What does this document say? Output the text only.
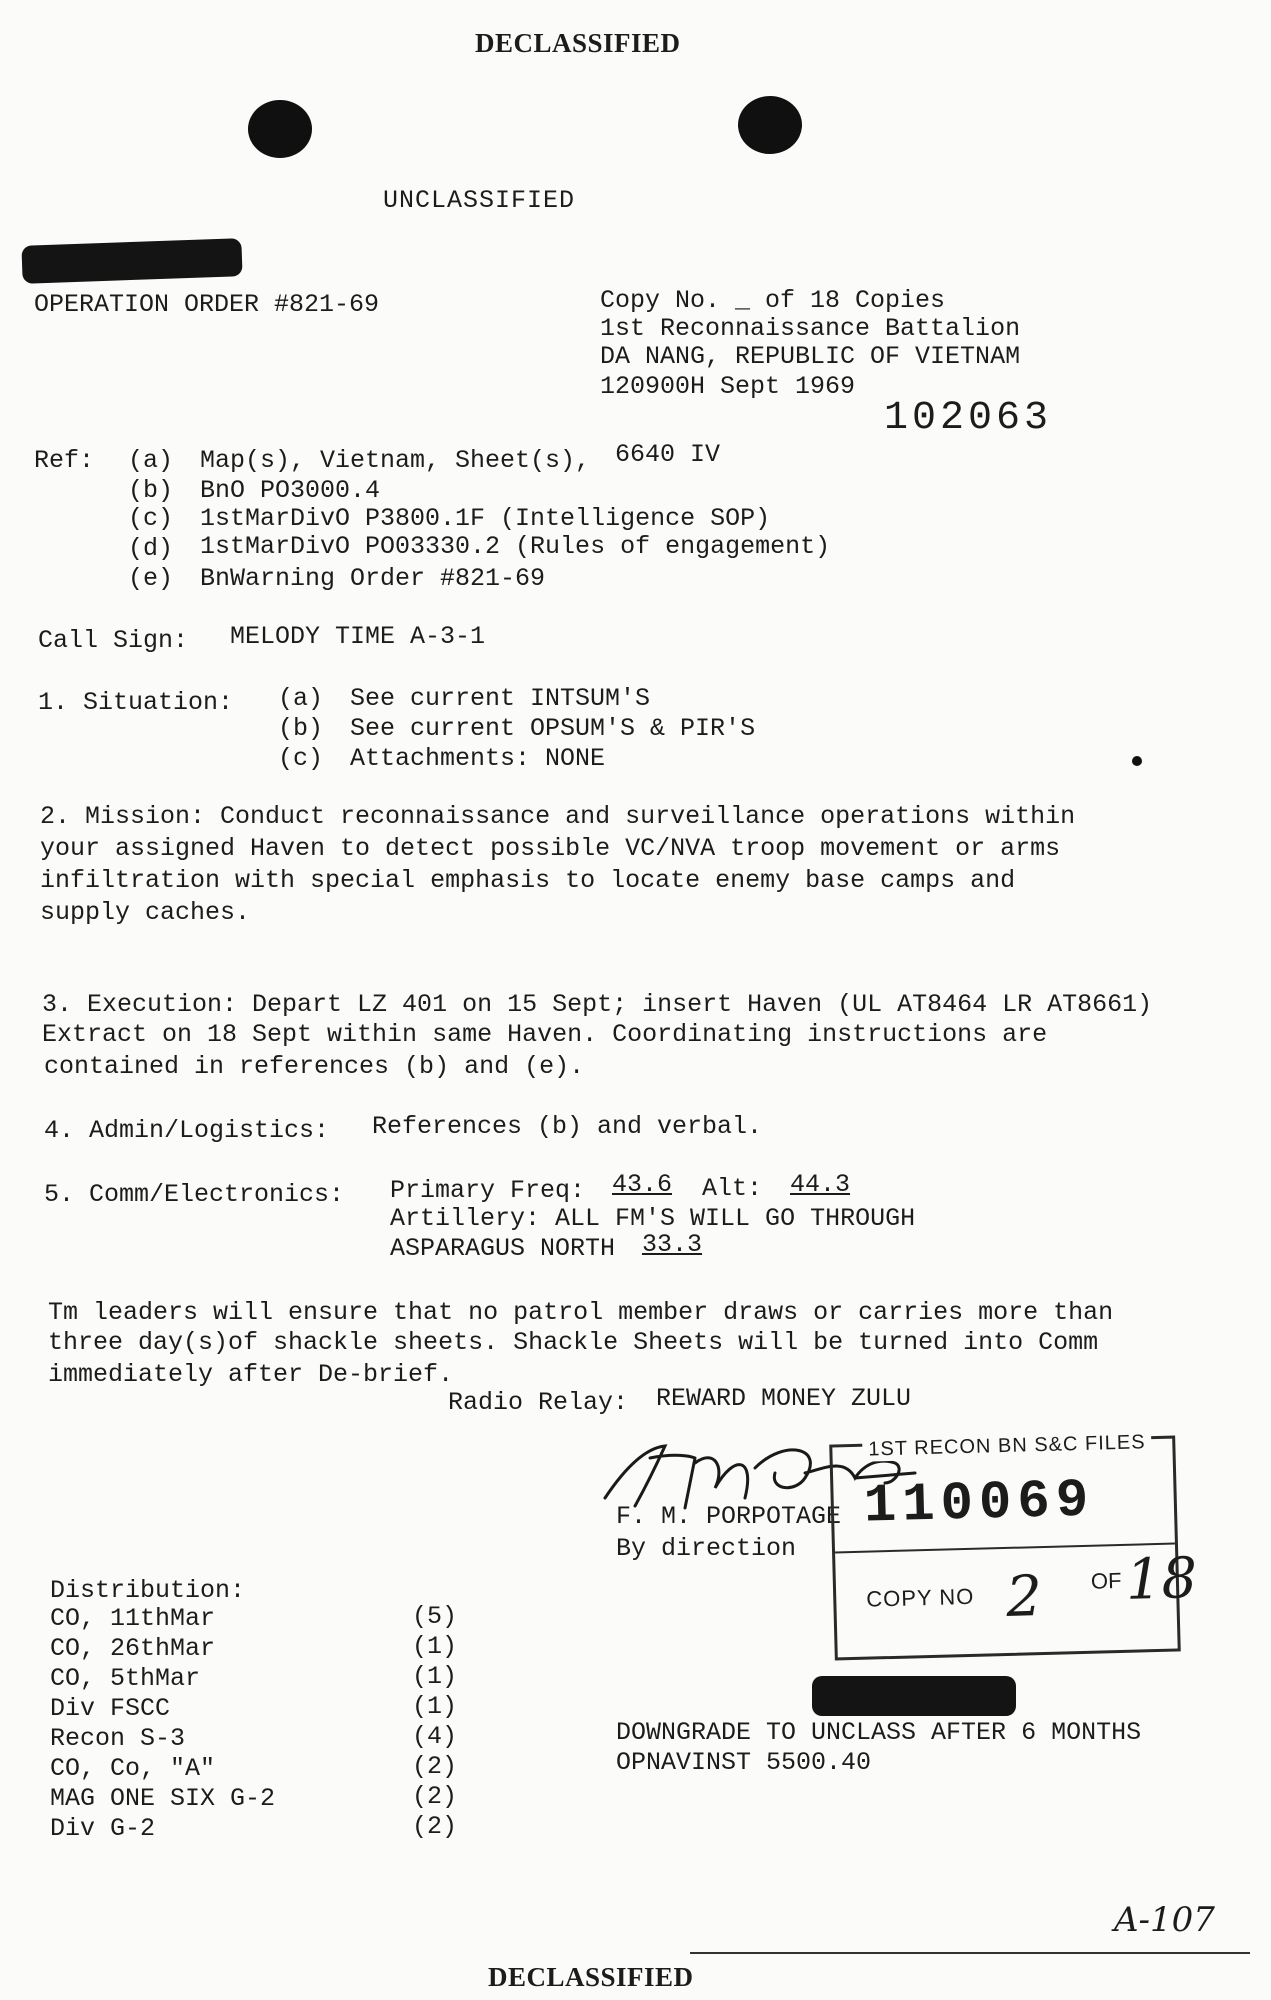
DECLASSIFIED
UNCLASSIFIED
OPERATION ORDER #821-69	Copy No. _ of 18 Copies
1st Reconnaissance Battalion
DA NANG, REPUBLIC OF VIETNAM
120900H Sept 1969
102063
Ref: (a) Map(s), Vietnam, Sheet(s), 6640 IV
(b) BnO PO3000.4
(c) 1stMarDivO P3800.1F (Intelligence SOP)
(d) 1stMarDivO PO03330.2 (Rules of engagement)
(e) BnWarning Order #821-69
Call Sign: MELODY TIME A-3-1
1. Situation: (a) See current INTSUM'S
(b) See current OPSUM'S & PIR'S
(c) Attachments: NONE
2. Mission: Conduct reconnaissance and surveillance operations within
your assigned Haven to detect possible VC/NVA troop movement or arms
infiltration with special emphasis to locate enemy base camps and
supply caches.
3. Execution: Depart LZ 401 on 15 Sept; insert Haven (UL AT8464 LR AT8661)
Extract on 18 Sept within same Haven. Coordinating instructions are
contained in references (b) and (e).
4. Admin/Logistics: References (b) and verbal.
5. Comm/Electronics: Primary Freq: 43.6 Alt: 44.3
Artillery: ALL FM'S WILL GO THROUGH
ASPARAGUS NORTH 33.3
Tm leaders will ensure that no patrol member draws or carries more than
three day(s)of shackle sheets. Shackle Sheets will be turned into Comm
immediately after De-brief.
Radio Relay: REWARD MONEY ZULU
F. M. PORPOTAGE
By direction
1ST RECON BN S&C FILES
110069
COPY NO 2 OF 18
Distribution:
CO, 11thMar	(5)
CO, 26thMar	(1)
CO, 5thMar	(1)
Div FSCC	(1)
Recon S-3	(4)
CO, Co, "A"	(2)
MAG ONE SIX G-2	(2)
Div G-2	(2)
DOWNGRADE TO UNCLASS AFTER 6 MONTHS
OPNAVINST 5500.40
A-107
DECLASSIFIED
